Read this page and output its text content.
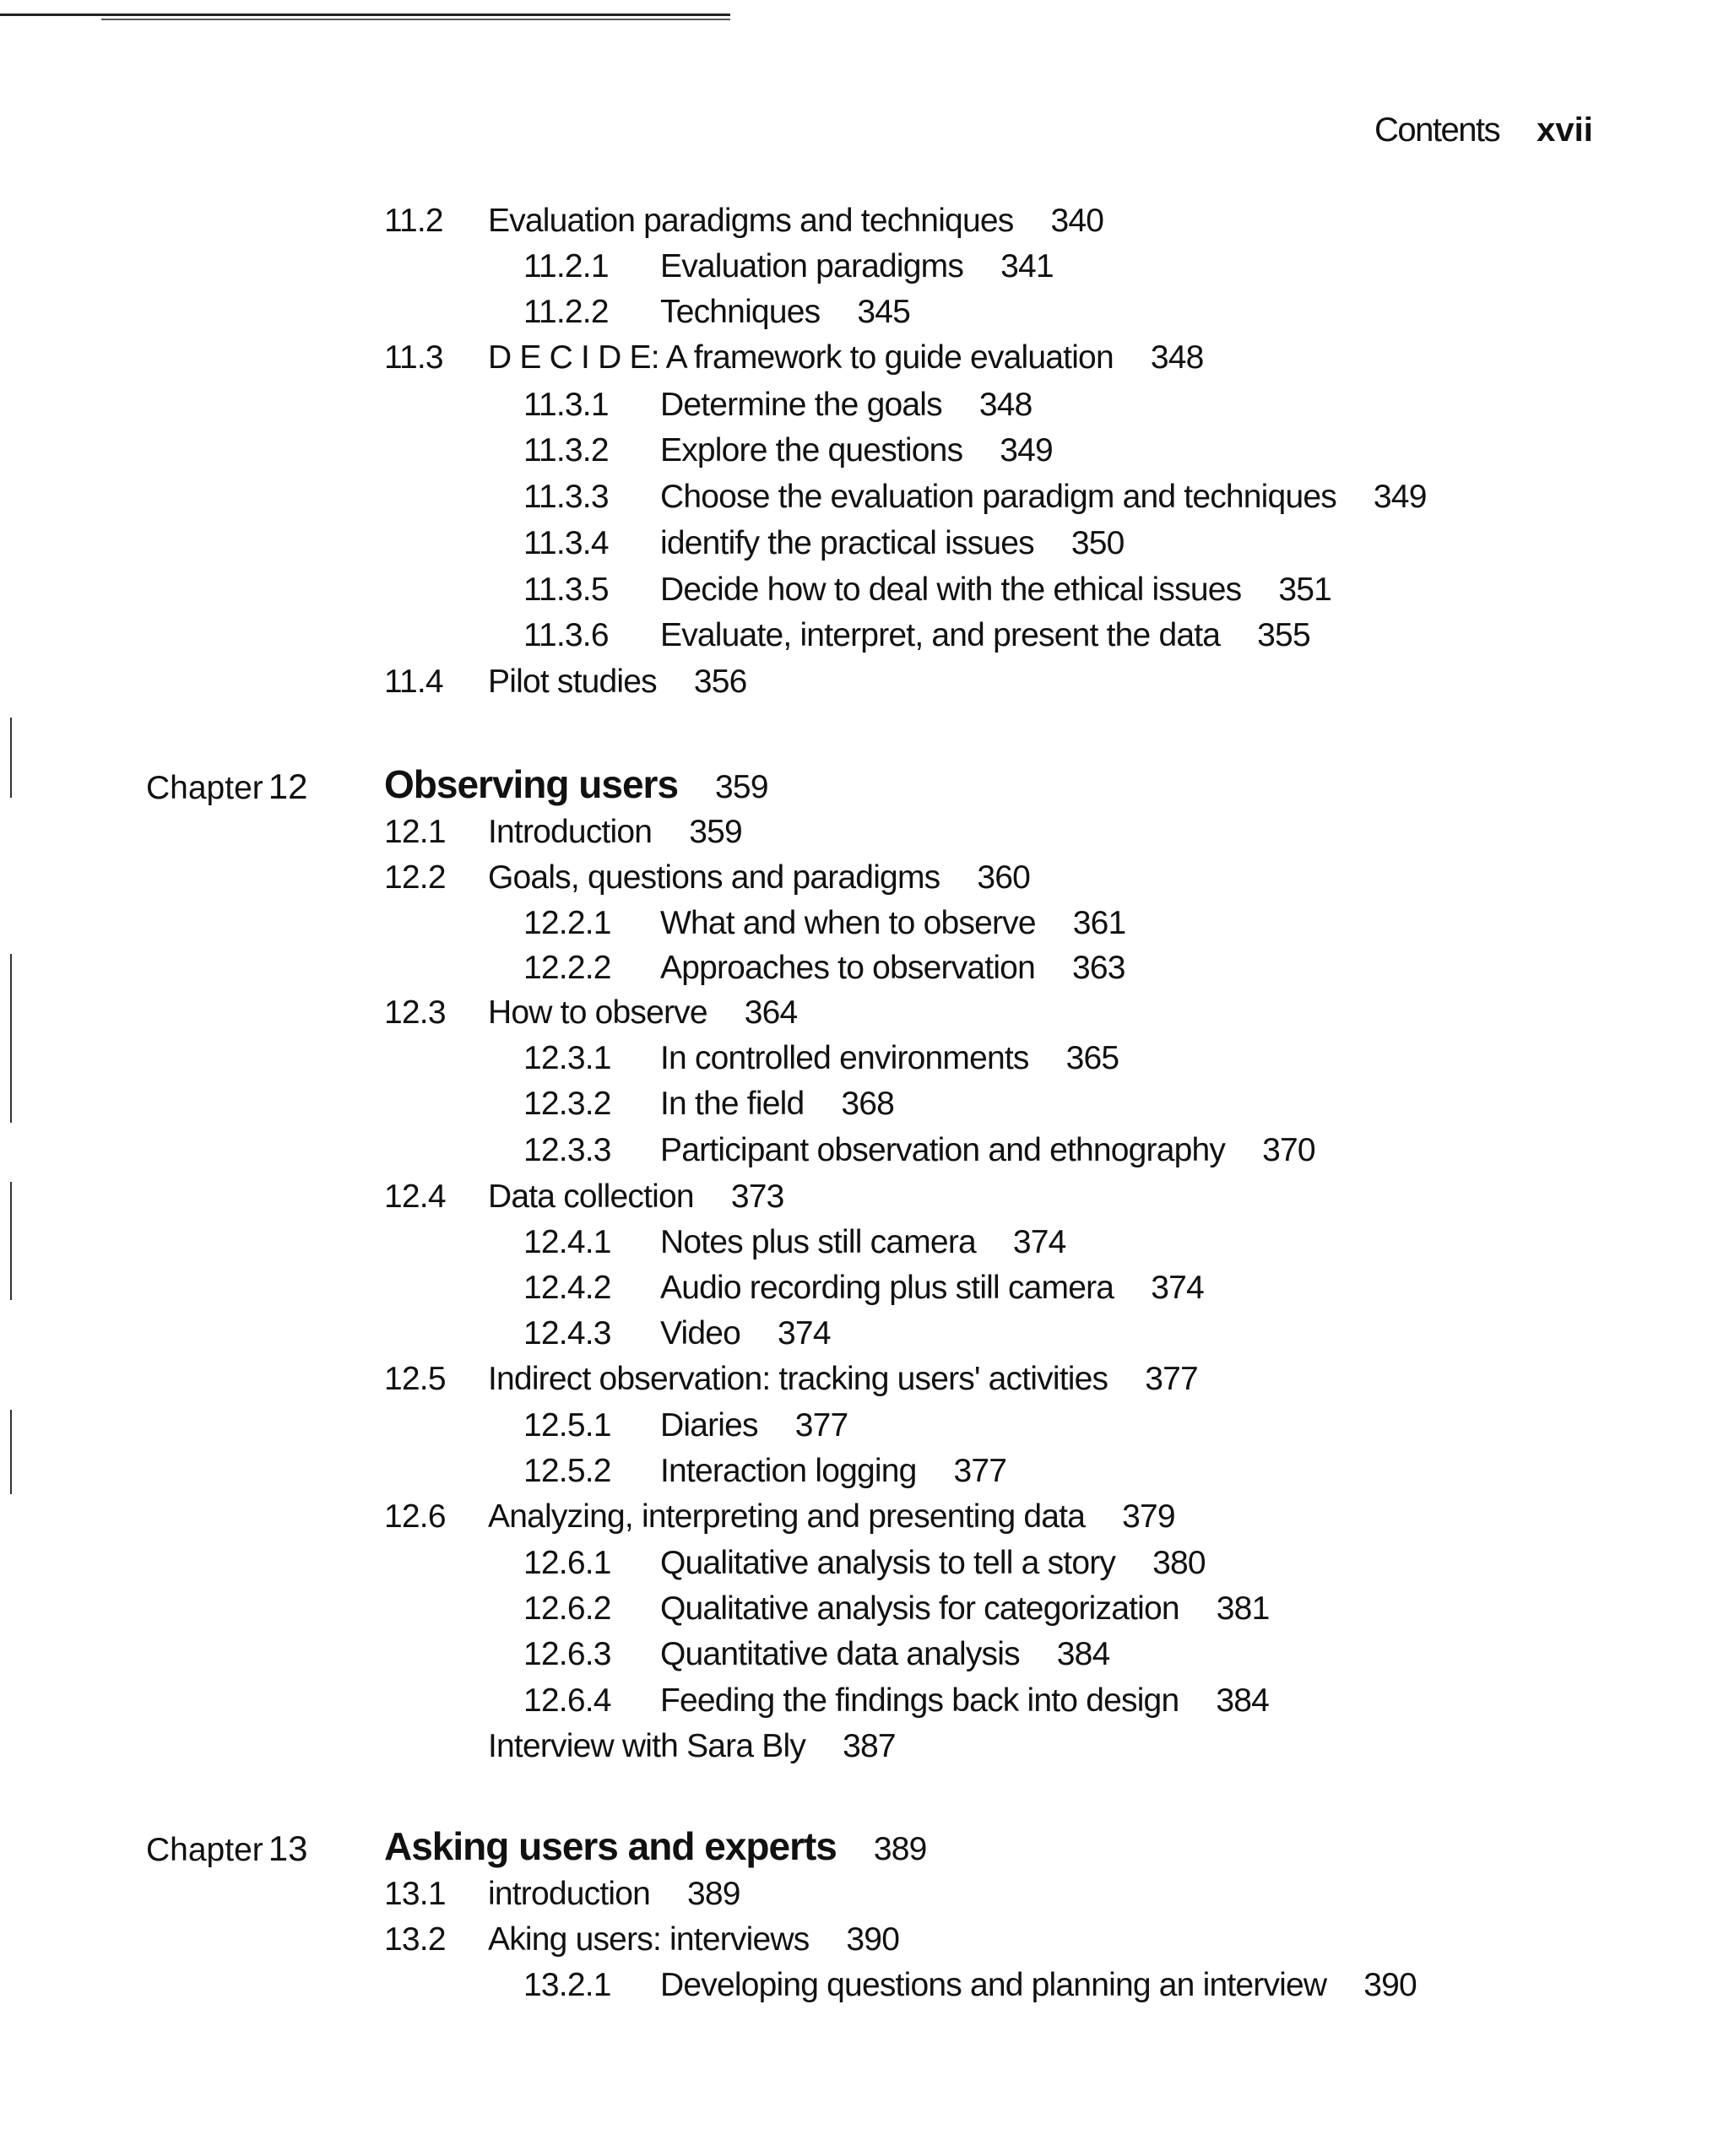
Contents xvii
11.2 Evaluation paradigms and techniques 340
11.2.1 Evaluation paradigms 341
11.2.2 Techniques 345
11.3 D E C I D E: A framework to guide evaluation 348
11.3.1 Determine the goals 348
11.3.2 Explore the questions 349
11.3.3 Choose the evaluation paradigm and techniques 349
11.3.4 identify the practical issues 350
11.3.5 Decide how to deal with the ethical issues 351
11.3.6 Evaluate, interpret, and present the data 355
11.4 Pilot studies 356
Chapter 12 Observing users 359
12.1 Introduction 359
12.2 Goals, questions and paradigms 360
12.2.1 What and when to observe 361
12.2.2 Approaches to observation 363
12.3 How to observe 364
12.3.1 In controlled environments 365
12.3.2 In the field 368
12.3.3 Participant observation and ethnography 370
12.4 Data collection 373
12.4.1 Notes plus still camera 374
12.4.2 Audio recording plus still camera 374
12.4.3 Video 374
12.5 Indirect observation: tracking users' activities 377
12.5.1 Diaries 377
12.5.2 Interaction logging 377
12.6 Analyzing, interpreting and presenting data 379
12.6.1 Qualitative analysis to tell a story 380
12.6.2 Qualitative analysis for categorization 381
12.6.3 Quantitative data analysis 384
12.6.4 Feeding the findings back into design 384
Interview with Sara Bly 387
Chapter 13 Asking users and experts 389
13.1 introduction 389
13.2 Aking users: interviews 390
13.2.1 Developing questions and planning an interview 390
